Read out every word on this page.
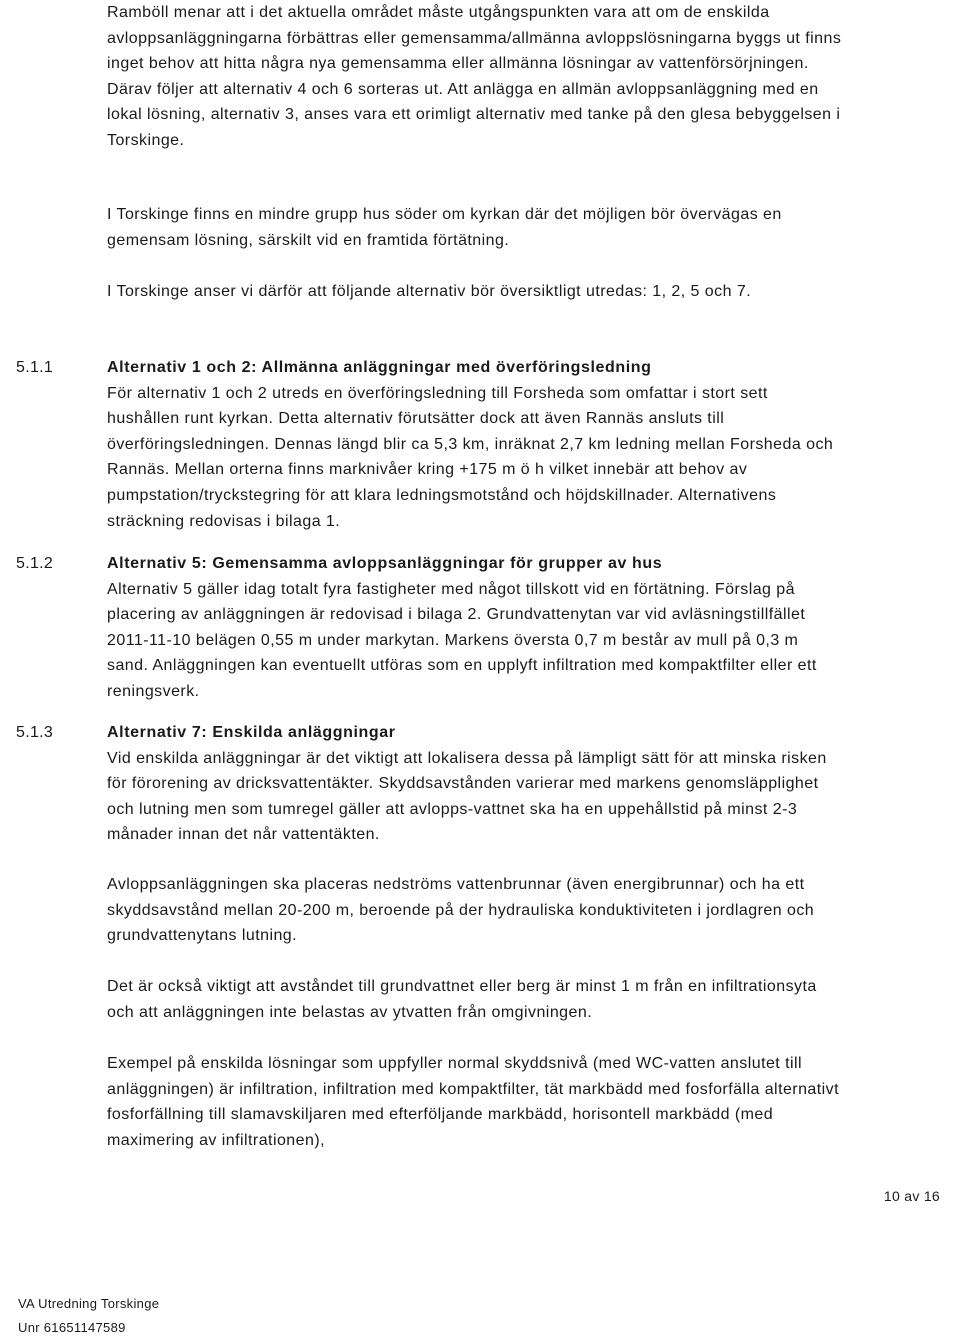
Ramböll menar att i det aktuella området måste utgångspunkten vara att om de enskilda avloppsanläggningarna förbättras eller gemensamma/allmänna avloppslösningarna byggs ut finns inget behov att hitta några nya gemensamma eller allmänna lösningar av vattenförsörjningen. Därav följer att alternativ 4 och 6 sorteras ut. Att anlägga en allmän avloppsanläggning med en lokal lösning, alternativ 3, anses vara ett orimligt alternativ med tanke på den glesa bebyggelsen i Torskinge.

I Torskinge finns en mindre grupp hus söder om kyrkan där det möjligen bör övervägas en gemensam lösning, särskilt vid en framtida förtätning.

I Torskinge anser vi därför att följande alternativ bör översiktligt utredas: 1, 2, 5 och 7.

5.1.1	Alternativ 1 och 2: Allmänna anläggningar med överföringsledning
För alternativ 1 och 2 utreds en överföringsledning till Forsheda som omfattar i stort sett hushållen runt kyrkan. Detta alternativ förutsätter dock att även Rannäs ansluts till överföringsledningen. Dennas längd blir ca 5,3 km, inräknat 2,7 km ledning mellan Forsheda och Rannäs. Mellan orterna finns marknivåer kring +175 m ö h vilket innebär att behov av pumpstation/tryckstegring för att klara ledningsmotstånd och höjdskillnader. Alternativens sträckning redovisas i bilaga 1.
5.1.2	Alternativ 5: Gemensamma avloppsanläggningar för grupper av hus
Alternativ 5 gäller idag totalt fyra fastigheter med något tillskott vid en förtätning. Förslag på placering av anläggningen är redovisad i bilaga 2. Grundvattenytan var vid avläsningstillfället 2011-11-10 belägen 0,55 m under markytan. Markens översta 0,7 m består av mull på 0,3 m sand. Anläggningen kan eventuellt utföras som en upplyft infiltration med kompaktfilter eller ett reningsverk.
5.1.3	Alternativ 7: Enskilda anläggningar
Vid enskilda anläggningar är det viktigt att lokalisera dessa på lämpligt sätt för att minska risken för förorening av dricksvattentäkter. Skyddsavstånden varierar med markens genomsläpplighet och lutning men som tumregel gäller att avlopps-vattnet ska ha en uppehållstid på minst 2-3 månader innan det når vattentäkten.

Avloppsanläggningen ska placeras nedströms vattenbrunnar (även energibrunnar) och ha ett skyddsavstånd mellan 20-200 m, beroende på der hydrauliska konduktiviteten i jordlagren och grundvattenytans lutning.

Det är också viktigt att avståndet till grundvattnet eller berg är minst 1 m från en infiltrationsyta och att anläggningen inte belastas av ytvatten från omgivningen.

Exempel på enskilda lösningar som uppfyller normal skyddsnivå (med WC-vatten anslutet till anläggningen) är infiltration, infiltration med kompaktfilter, tät markbädd med fosforfälla alternativt fosforfällning till slamavskiljaren med efterföljande markbädd, horisontell markbädd (med maximering av infiltrationen),

10 av 16
VA Utredning Torskinge
Unr 61651147589
